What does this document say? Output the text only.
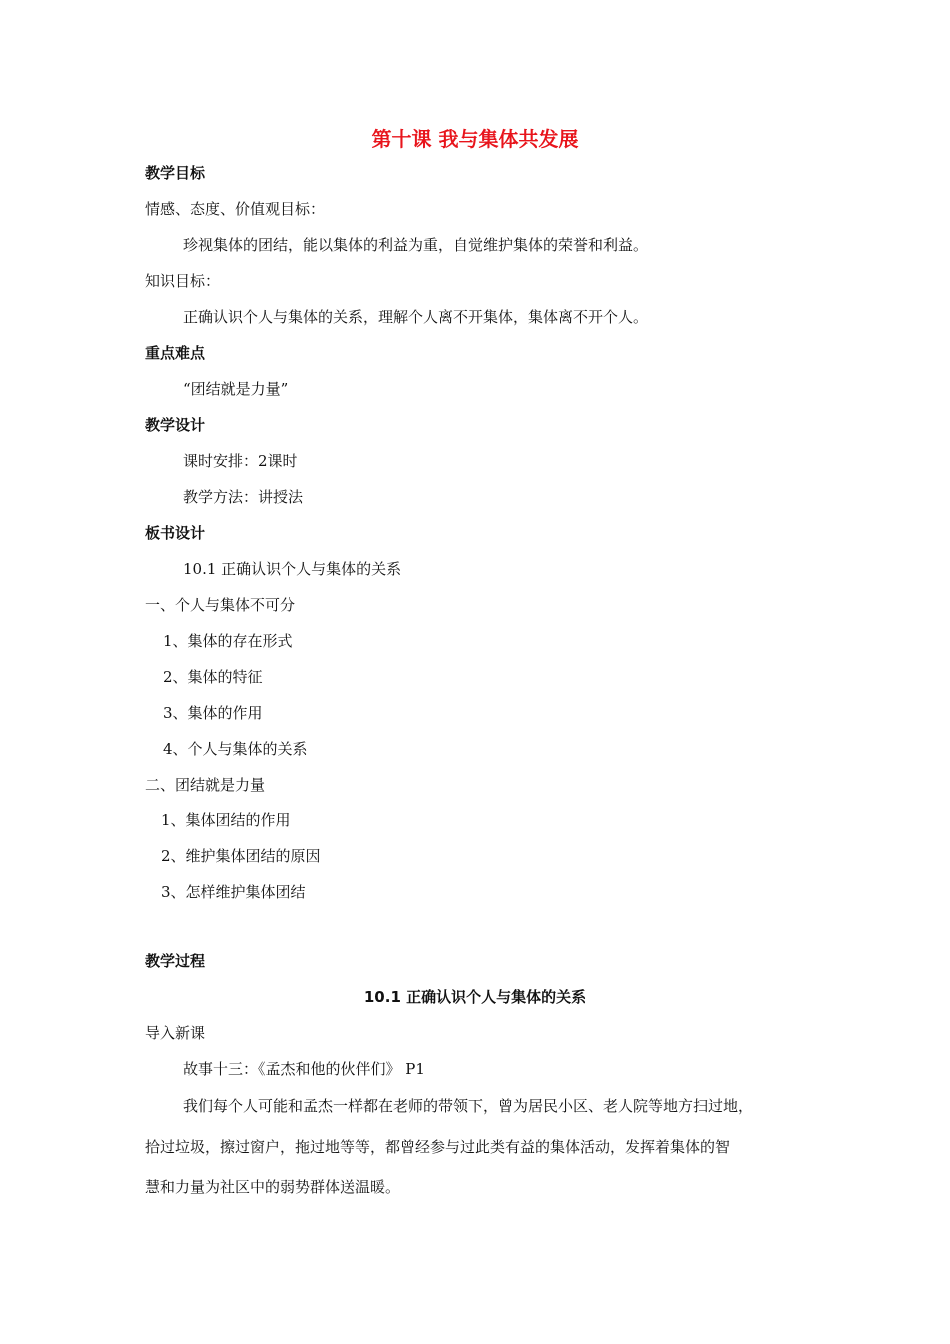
第十课 我与集体共发展
教学目标
情感、态度、价值观目标：
珍视集体的团结，能以集体的利益为重，自觉维护集体的荣誉和利益。
知识目标：
正确认识个人与集体的关系，理解个人离不开集体，集体离不开个人。
重点难点
“团结就是力量”
教学设计
课时安排：2课时
教学方法：讲授法
板书设计
10.1 正确认识个人与集体的关系
一、个人与集体不可分
1、集体的存在形式
2、集体的特征
3、集体的作用
4、个人与集体的关系
二、团结就是力量
1、集体团结的作用
2、维护集体团结的原因
3、怎样维护集体团结
教学过程
10.1 正确认识个人与集体的关系
导入新课
故事十三：《孟杰和他的伙伴们》 P1
我们每个人可能和孟杰一样都在老师的带领下，曾为居民小区、老人院等地方扫过地，
拾过垃圾，擦过窗户，拖过地等等，都曾经参与过此类有益的集体活动，发挥着集体的智
慧和力量为社区中的弱势群体送温暖。
